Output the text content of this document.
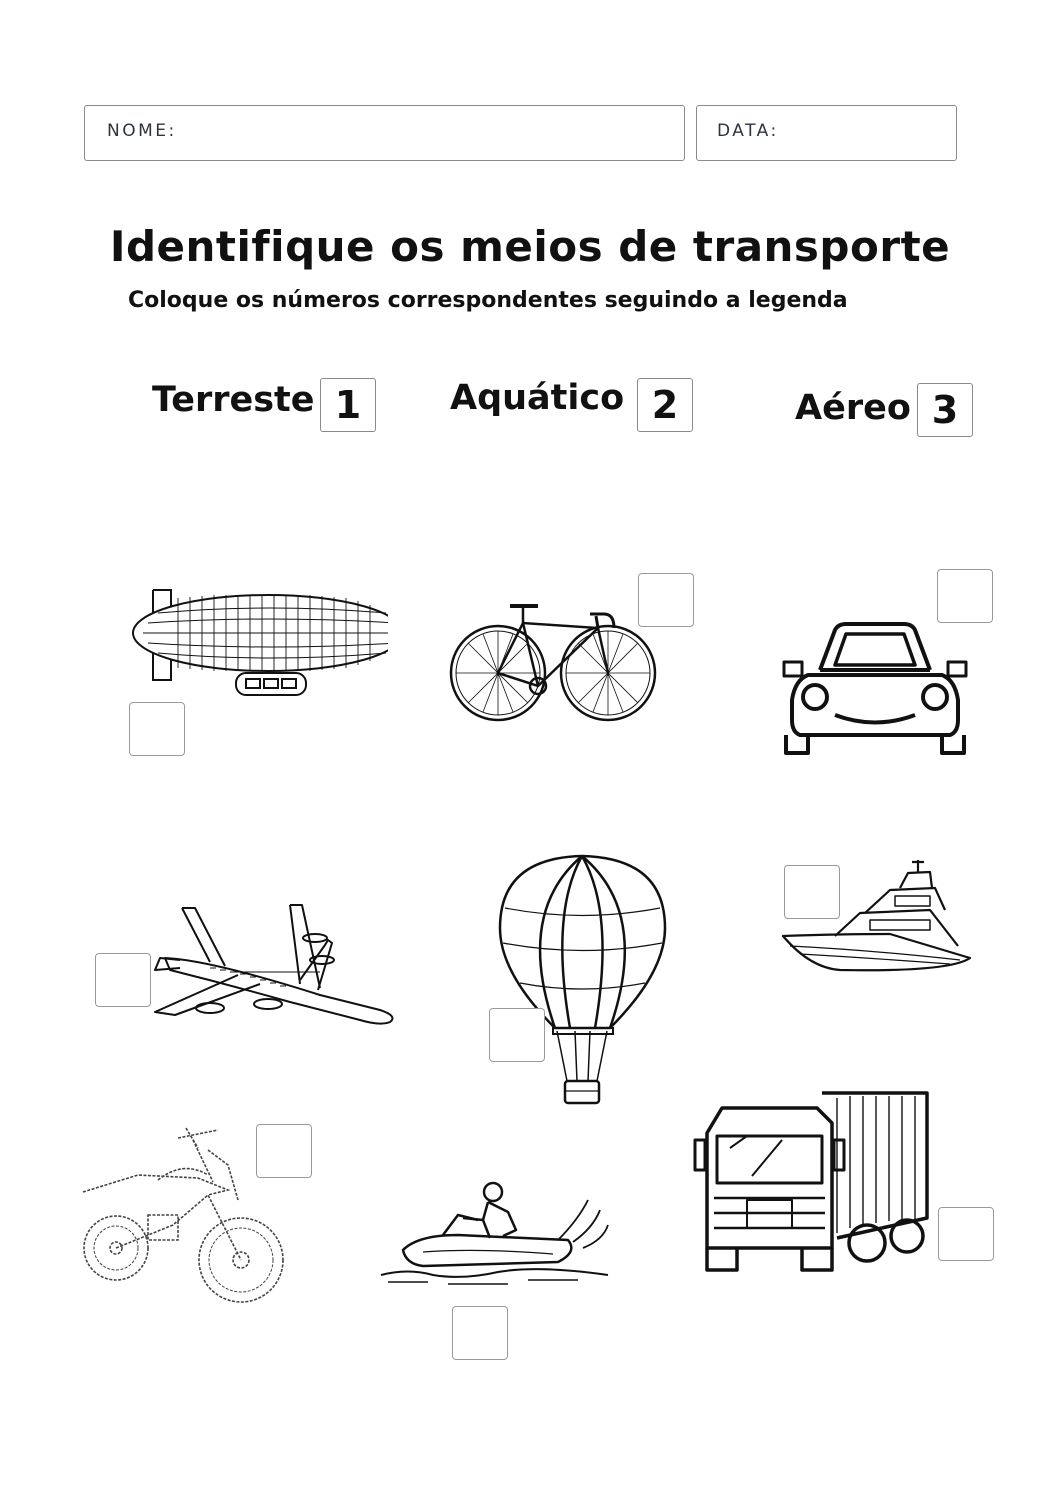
NOME:	DATA:
Identifique os meios de transporte
Coloque os números correspondentes seguindo a legenda
Terreste 1	Aquático 2	Aéreo 3
